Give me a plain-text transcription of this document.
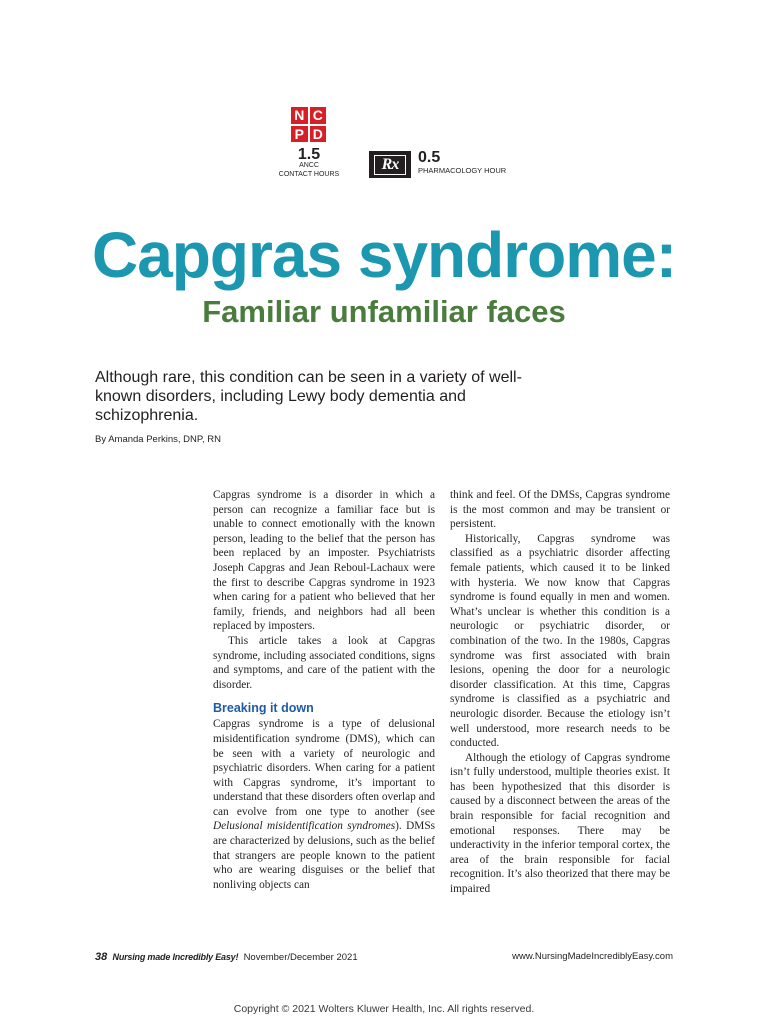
N C
P D
1.5
ANCC
CONTACT HOURS
Rx	0.5
PHARMACOLOGY HOUR
Capgras syndrome:
Familiar unfamiliar faces
Although rare, this condition can be seen in a variety of well-known disorders, including Lewy body dementia and schizophrenia.
By Amanda Perkins, DNP, RN

Capgras syndrome is a disorder in which a person can recognize a familiar face but is unable to connect emotionally with the known person, leading to the belief that the person has been replaced by an imposter. Psychiatrists Joseph Capgras and Jean Reboul-Lachaux were the first to describe Capgras syndrome in 1923 when caring for a patient who believed that her family, friends, and neighbors had all been replaced by imposters.

This article takes a look at Capgras syndrome, including associated conditions, signs and symptoms, and care of the patient with the disorder.

Breaking it down

Capgras syndrome is a type of delusional misidentification syndrome (DMS), which can be seen with a variety of neurologic and psychiatric disorders. When caring for a patient with Capgras syndrome, it’s important to understand that these disorders often overlap and can evolve from one type to another (see Delusional misidentification syndromes). DMSs are characterized by delusions, such as the belief that strangers are people known to the patient who are wearing disguises or the belief that nonliving objects can

think and feel. Of the DMSs, Capgras syndrome is the most common and may be transient or persistent.

Historically, Capgras syndrome was classified as a psychiatric disorder affecting female patients, which caused it to be linked with hysteria. We now know that Capgras syndrome is found equally in men and women. What’s unclear is whether this condition is a neurologic or psychiatric disorder, or combination of the two. In the 1980s, Capgras syndrome was first associated with brain lesions, opening the door for a neurologic disorder classification. At this time, Capgras syndrome is classified as a psychiatric and neurologic disorder. Because the etiology isn’t well understood, more research needs to be conducted.

Although the etiology of Capgras syndrome isn’t fully understood, multiple theories exist. It has been hypothesized that this disorder is caused by a disconnect between the areas of the brain responsible for facial recognition and emotional responses. There may be underactivity in the inferior temporal cortex, the area of the brain responsible for facial recognition. It’s also theorized that there may be impaired

38 Nursing made Incredibly Easy! November/December 2021	www.NursingMadeIncrediblyEasy.com
Copyright © 2021 Wolters Kluwer Health, Inc. All rights reserved.
